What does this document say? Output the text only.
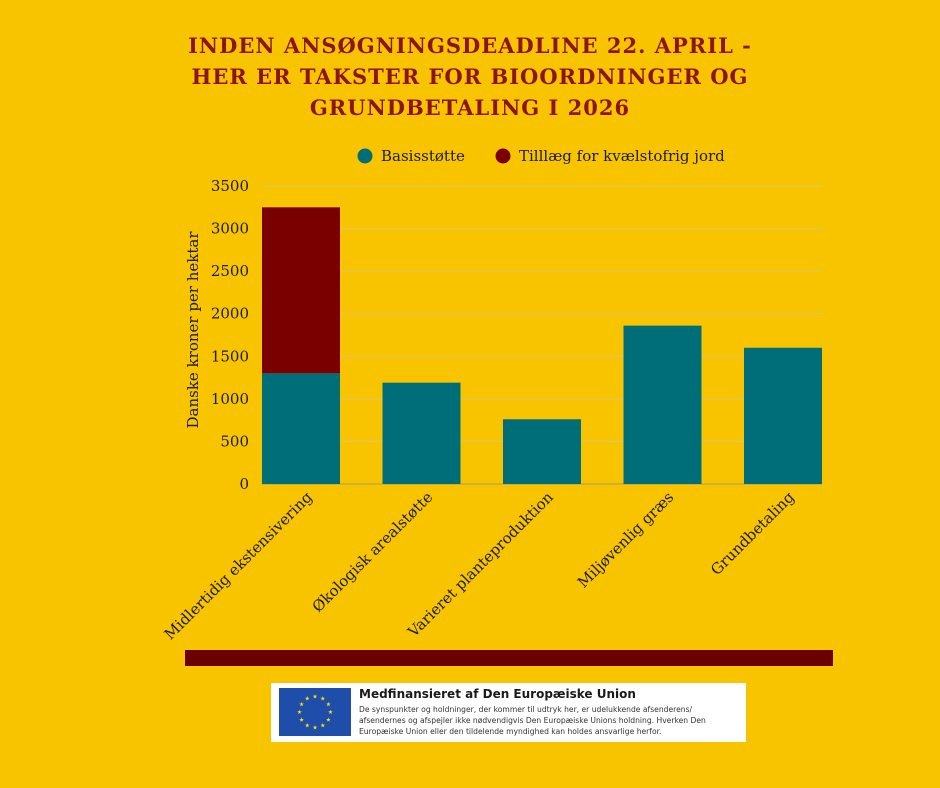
INDEN ANSØGNINGSDEADLINE 22. APRIL -
HER ER TAKSTER FOR BIOORDNINGER OG
GRUNDBETALING I 2026
Basisstøtte	Tilllæg for kvælstofrig jord
0
500
1000
1500
2000
2500
3000
3500
Midlertidig ekstensivering
Økologisk arealstøtte
Varieret planteproduktion Miljøvenlig græs Grundbetaling
Danske kroner per hektar
Medfinansieret af Den Europæiske Union
De synspunkter og holdninger, der kommer til udtryk her, er udelukkende afsenderens/ afsendernes og afspejler ikke nødvendigvis Den Europæiske Unions holdning. Hverken Den Europæiske Union eller den tildelende myndighed kan holdes ansvarlige herfor.
